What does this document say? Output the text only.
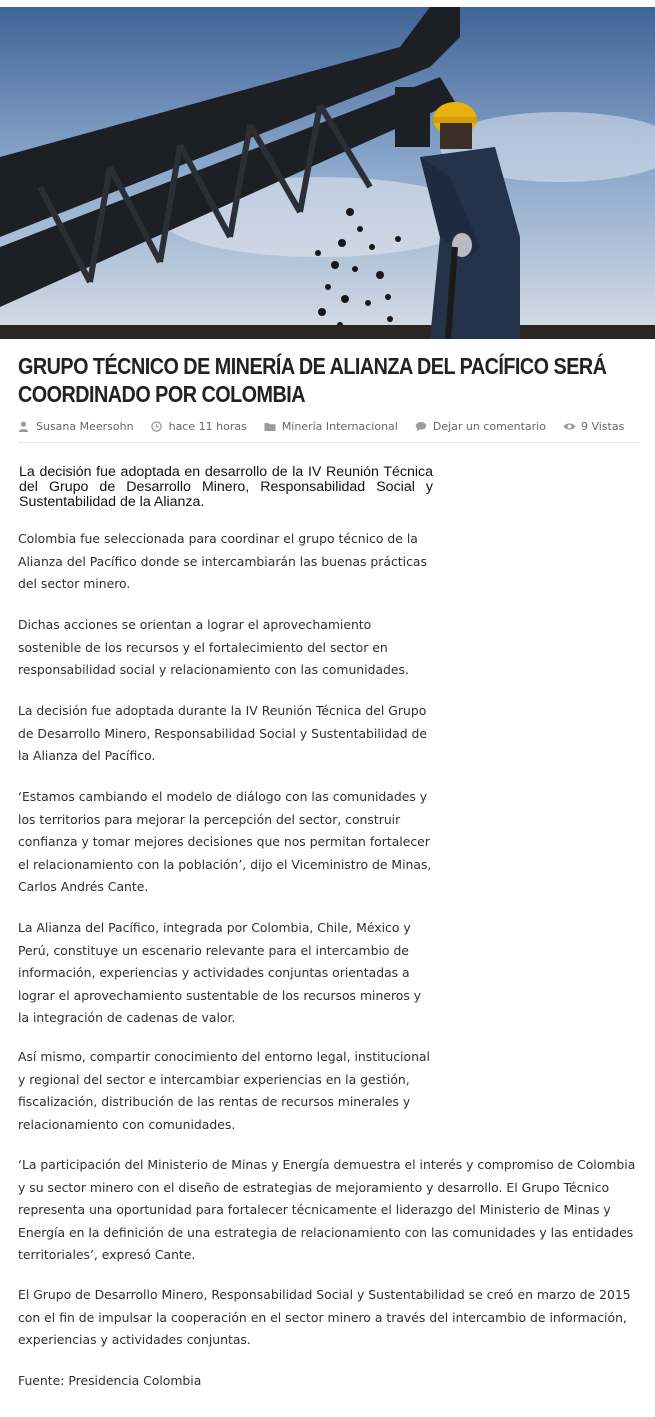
GRUPO TÉCNICO DE MINERÍA DE ALIANZA DEL PACÍFICO SERÁ COORDINADO POR COLOMBIA
Susana Meersohn	hace 11 horas	Minería Internacional	Dejar un comentario	9 Vistas

La decisión fue adoptada en desarrollo de la IV Reunión Técnica del Grupo de Desarrollo Minero, Responsabilidad Social y Sustentabilidad de la Alianza.

Colombia fue seleccionada para coordinar el grupo técnico de la Alianza del Pacífico donde se intercambiarán las buenas prácticas del sector minero.

Dichas acciones se orientan a lograr el aprovechamiento sostenible de los recursos y el fortalecimiento del sector en responsabilidad social y relacionamiento con las comunidades.

La decisión fue adoptada durante la IV Reunión Técnica del Grupo de Desarrollo Minero, Responsabilidad Social y Sustentabilidad de la Alianza del Pacífico.

‘Estamos cambiando el modelo de diálogo con las comunidades y los territorios para mejorar la percepción del sector, construir confianza y tomar mejores decisiones que nos permitan fortalecer el relacionamiento con la población’, dijo el Viceministro de Minas, Carlos Andrés Cante.

La Alianza del Pacífico, integrada por Colombia, Chile, México y Perú, constituye un escenario relevante para el intercambio de información, experiencias y actividades conjuntas orientadas a lograr el aprovechamiento sustentable de los recursos mineros y la integración de cadenas de valor.

Así mismo, compartir conocimiento del entorno legal, institucional y regional del sector e intercambiar experiencias en la gestión, fiscalización, distribución de las rentas de recursos minerales y relacionamiento con comunidades.

‘La participación del Ministerio de Minas y Energía demuestra el interés y compromiso de Colombia y su sector minero con el diseño de estrategias de mejoramiento y desarrollo. El Grupo Técnico representa una oportunidad para fortalecer técnicamente el liderazgo del Ministerio de Minas y Energía en la definición de una estrategia de relacionamiento con las comunidades y las entidades territoriales’, expresó Cante.

El Grupo de Desarrollo Minero, Responsabilidad Social y Sustentabilidad se creó en marzo de 2015 con el fin de impulsar la cooperación en el sector minero a través del intercambio de información, experiencias y actividades conjuntas.

Fuente: Presidencia Colombia
